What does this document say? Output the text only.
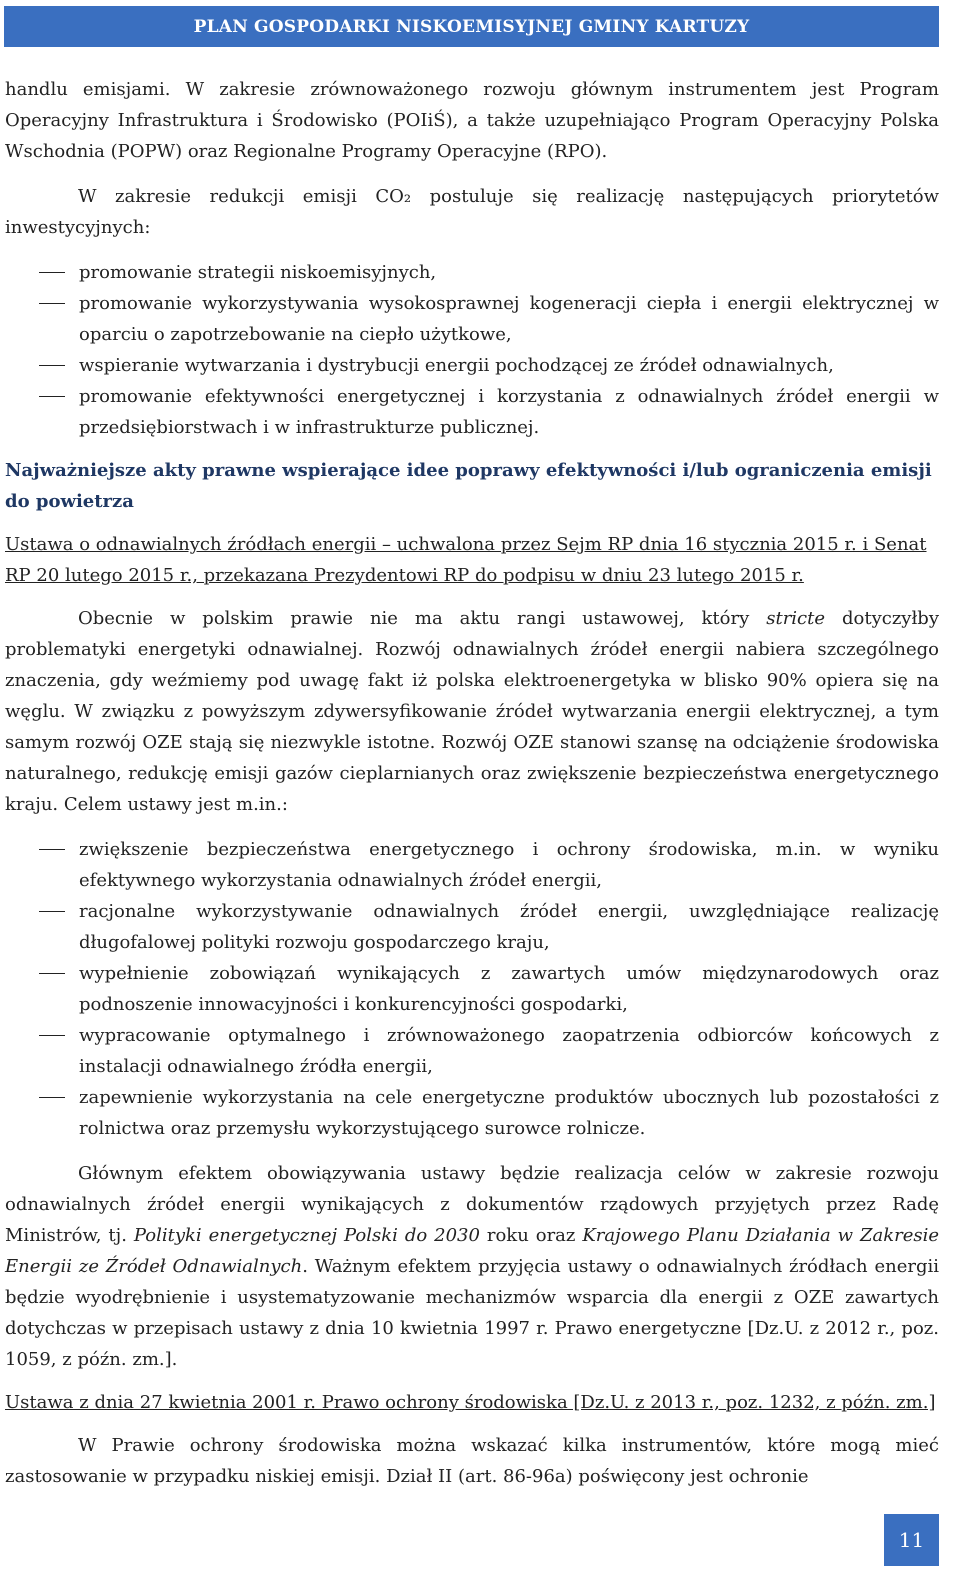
PLAN GOSPODARKI NISKOEMISYJNEJ GMINY KARTUZY

handlu emisjami. W zakresie zrównoważonego rozwoju głównym instrumentem jest Program Operacyjny Infrastruktura i Środowisko (POIiŚ), a także uzupełniająco Program Operacyjny Polska Wschodnia (POPW) oraz Regionalne Programy Operacyjne (RPO).

W zakresie redukcji emisji CO₂ postuluje się realizację następujących priorytetów inwestycyjnych:

promowanie strategii niskoemisyjnych,
promowanie wykorzystywania wysokosprawnej kogeneracji ciepła i energii elektrycznej w oparciu o zapotrzebowanie na ciepło użytkowe,
wspieranie wytwarzania i dystrybucji energii pochodzącej ze źródeł odnawialnych,
promowanie efektywności energetycznej i korzystania z odnawialnych źródeł energii w przedsiębiorstwach i w infrastrukturze publicznej.

Najważniejsze akty prawne wspierające idee poprawy efektywności i/lub ograniczenia emisji do powietrza

Ustawa o odnawialnych źródłach energii – uchwalona przez Sejm RP dnia 16 stycznia 2015 r. i Senat RP 20 lutego 2015 r., przekazana Prezydentowi RP do podpisu w dniu 23 lutego 2015 r.

Obecnie w polskim prawie nie ma aktu rangi ustawowej, który stricte dotyczyłby problematyki energetyki odnawialnej. Rozwój odnawialnych źródeł energii nabiera szczególnego znaczenia, gdy weźmiemy pod uwagę fakt iż polska elektroenergetyka w blisko 90% opiera się na węglu. W związku z powyższym zdywersyfikowanie źródeł wytwarzania energii elektrycznej, a tym samym rozwój OZE stają się niezwykle istotne. Rozwój OZE stanowi szansę na odciążenie środowiska naturalnego, redukcję emisji gazów cieplarnianych oraz zwiększenie bezpieczeństwa energetycznego kraju. Celem ustawy jest m.in.:

zwiększenie bezpieczeństwa energetycznego i ochrony środowiska, m.in. w wyniku efektywnego wykorzystania odnawialnych źródeł energii,
racjonalne wykorzystywanie odnawialnych źródeł energii, uwzględniające realizację długofalowej polityki rozwoju gospodarczego kraju,
wypełnienie zobowiązań wynikających z zawartych umów międzynarodowych oraz podnoszenie innowacyjności i konkurencyjności gospodarki,
wypracowanie optymalnego i zrównoważonego zaopatrzenia odbiorców końcowych z instalacji odnawialnego źródła energii,
zapewnienie wykorzystania na cele energetyczne produktów ubocznych lub pozostałości z rolnictwa oraz przemysłu wykorzystującego surowce rolnicze.

Głównym efektem obowiązywania ustawy będzie realizacja celów w zakresie rozwoju odnawialnych źródeł energii wynikających z dokumentów rządowych przyjętych przez Radę Ministrów, tj. Polityki energetycznej Polski do 2030 roku oraz Krajowego Planu Działania w Zakresie Energii ze Źródeł Odnawialnych. Ważnym efektem przyjęcia ustawy o odnawialnych źródłach energii będzie wyodrębnienie i usystematyzowanie mechanizmów wsparcia dla energii z OZE zawartych dotychczas w przepisach ustawy z dnia 10 kwietnia 1997 r. Prawo energetyczne [Dz.U. z 2012 r., poz. 1059, z późn. zm.].

Ustawa z dnia 27 kwietnia 2001 r. Prawo ochrony środowiska [Dz.U. z 2013 r., poz. 1232, z późn. zm.]

W Prawie ochrony środowiska można wskazać kilka instrumentów, które mogą mieć zastosowanie w przypadku niskiej emisji. Dział II (art. 86-96a) poświęcony jest ochronie

11
